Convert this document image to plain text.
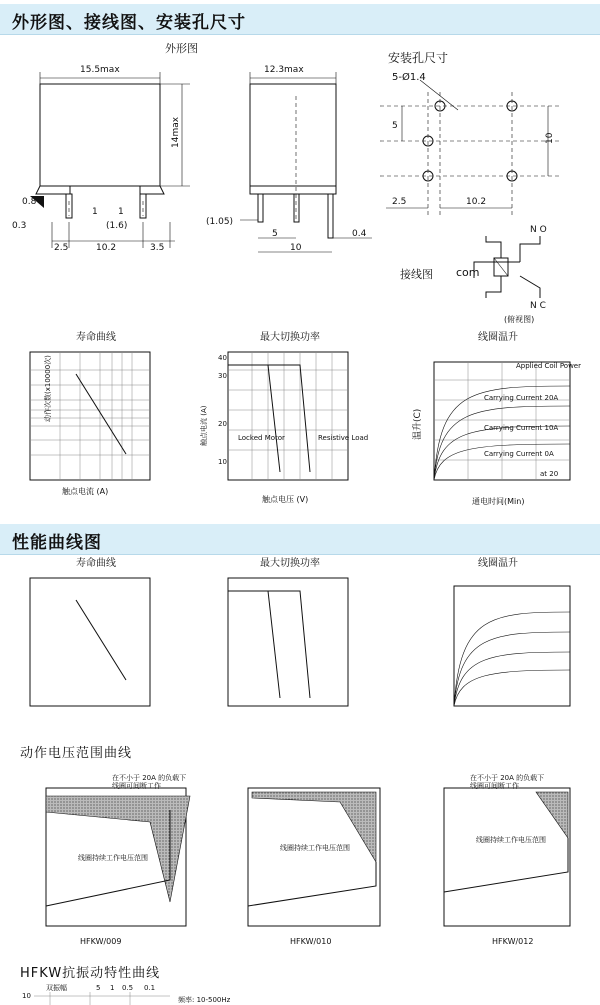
外形图、接线图、安装孔尺寸
外形图
安装孔尺寸
15.5max
14max
0.8
0.3
1 1
(1.6)
2.5	10.2	3.5
12.3max
(1.05)
5
10
0.4
5-Ø1.4
5
10
2.5	10.2
接线图 com
N O
N C
(俯视图)
寿命曲线	最大切换功率	线圈温升
动作次数(x10000次)
触点电流 (A)
40
30
20
10
Locked Motor	Resistive Load
触点电压 (V)
触点电流 (A)
Applied Coil Power
Carrying Current 20A
Carrying Current 10A
Carrying Current 0A
温升(C)
通电时间(Min)
at 20
性能曲线图
寿命曲线	最大切换功率	线圈温升
动作电压范围曲线
在不小于 20A 的负载下
线圈可间断工作
线圈持续工作电压范围
HFKW/009
线圈持续工作电压范围
HFKW/010
在不小于 20A 的负载下
线圈可间断工作
线圈持续工作电压范围
HFKW/012
HFKW抗振动特性曲线
双振幅	5 1 0.5 0.1
10	频率: 10-500Hz
